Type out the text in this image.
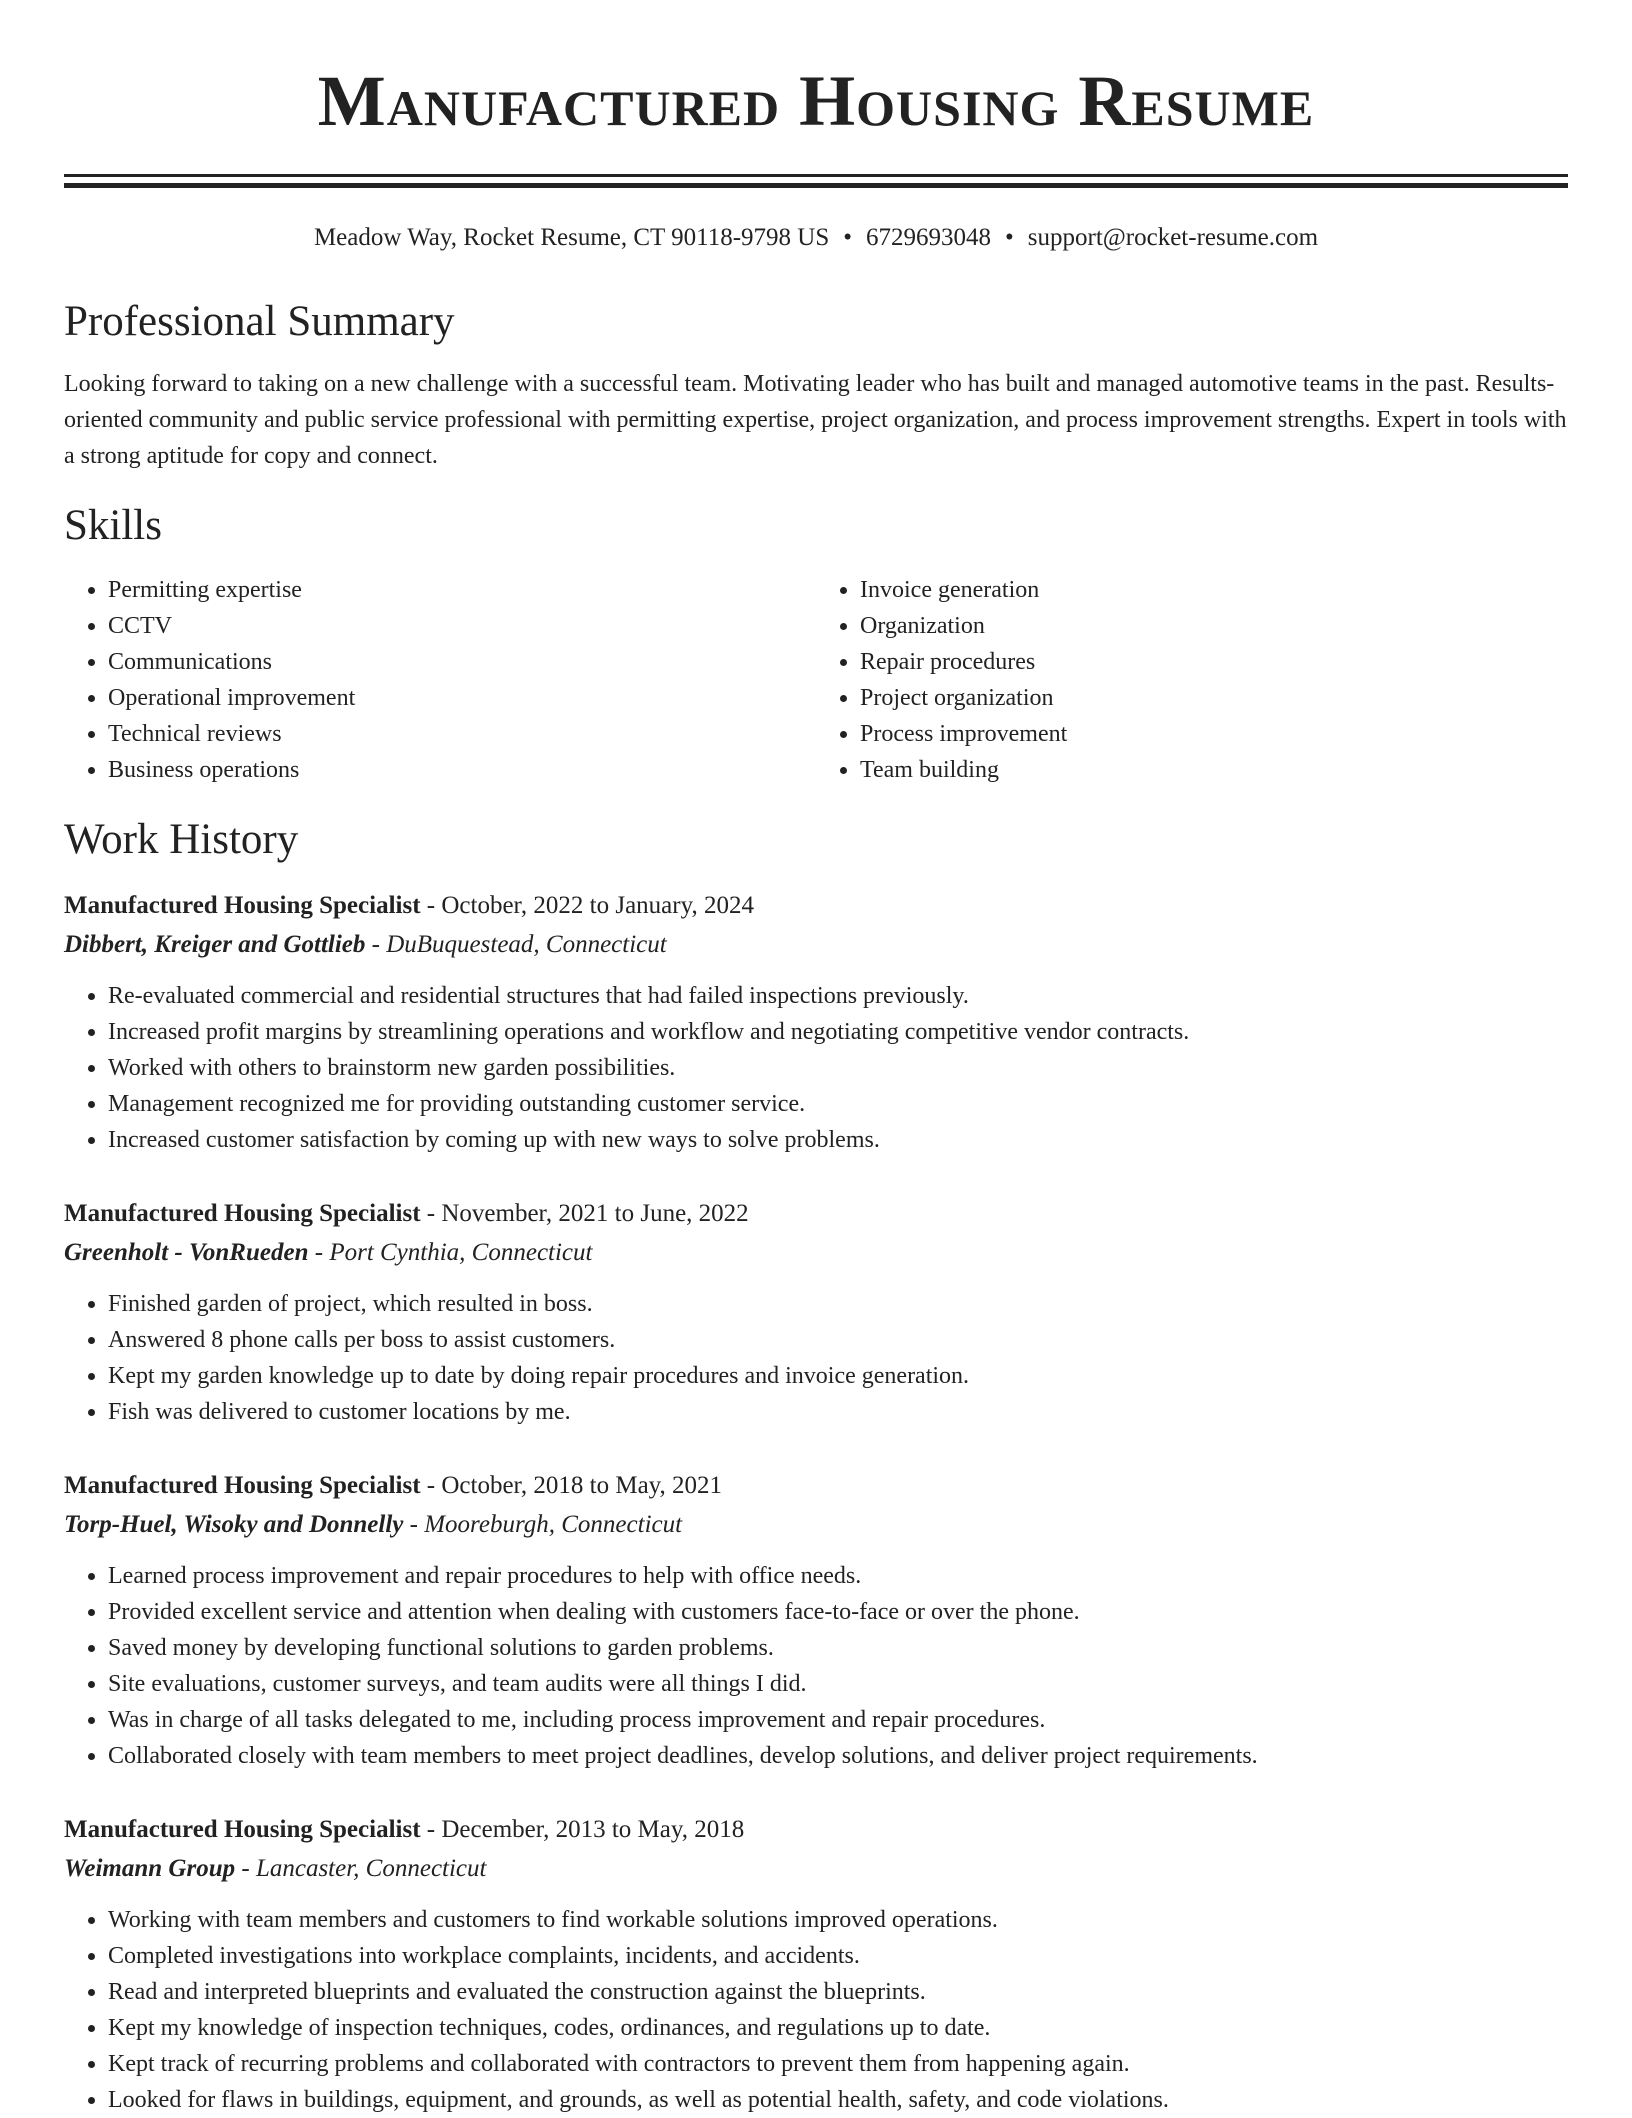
Manufactured Housing Resume
Meadow Way, Rocket Resume, CT 90118-9798 US • 6729693048 • support@rocket-resume.com
Professional Summary

Looking forward to taking on a new challenge with a successful team. Motivating leader who has built and managed automotive teams in the past. Results-oriented community and public service professional with permitting expertise, project organization, and process improvement strengths. Expert in tools with a strong aptitude for copy and connect.

Skills
• Permitting expertise
• CCTV
• Communications
• Operational improvement
• Technical reviews
• Business operations
• Invoice generation
• Organization
• Repair procedures
• Project organization
• Process improvement
• Team building
Work History
Manufactured Housing Specialist - October, 2022 to January, 2024
Dibbert, Kreiger and Gottlieb - DuBuquestead, Connecticut
• Re-evaluated commercial and residential structures that had failed inspections previously.
• Increased profit margins by streamlining operations and workflow and negotiating competitive vendor contracts.
• Worked with others to brainstorm new garden possibilities.
• Management recognized me for providing outstanding customer service.
• Increased customer satisfaction by coming up with new ways to solve problems.
Manufactured Housing Specialist - November, 2021 to June, 2022
Greenholt - VonRueden - Port Cynthia, Connecticut
• Finished garden of project, which resulted in boss.
• Answered 8 phone calls per boss to assist customers.
• Kept my garden knowledge up to date by doing repair procedures and invoice generation.
• Fish was delivered to customer locations by me.
Manufactured Housing Specialist - October, 2018 to May, 2021
Torp-Huel, Wisoky and Donnelly - Mooreburgh, Connecticut
• Learned process improvement and repair procedures to help with office needs.
• Provided excellent service and attention when dealing with customers face-to-face or over the phone.
• Saved money by developing functional solutions to garden problems.
• Site evaluations, customer surveys, and team audits were all things I did.
• Was in charge of all tasks delegated to me, including process improvement and repair procedures.
• Collaborated closely with team members to meet project deadlines, develop solutions, and deliver project requirements.
Manufactured Housing Specialist - December, 2013 to May, 2018
Weimann Group - Lancaster, Connecticut
• Working with team members and customers to find workable solutions improved operations.
• Completed investigations into workplace complaints, incidents, and accidents.
• Read and interpreted blueprints and evaluated the construction against the blueprints.
• Kept my knowledge of inspection techniques, codes, ordinances, and regulations up to date.
• Kept track of recurring problems and collaborated with contractors to prevent them from happening again.
• Looked for flaws in buildings, equipment, and grounds, as well as potential health, safety, and code violations.
